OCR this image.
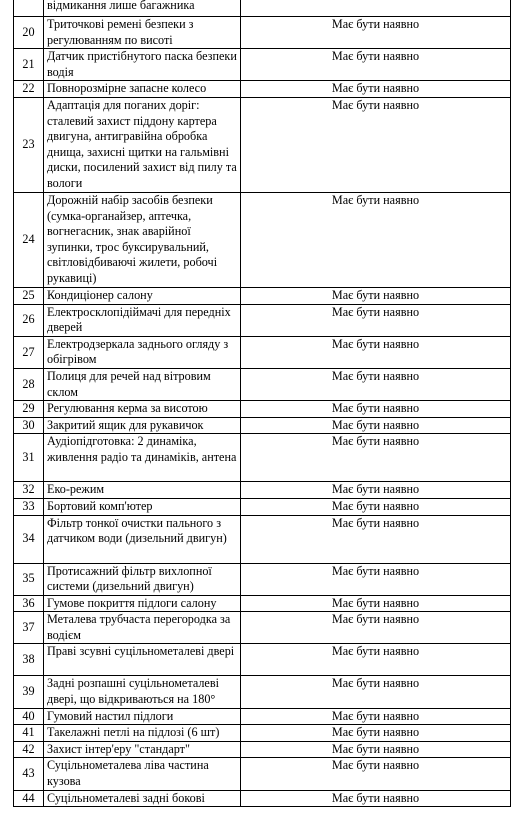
	відмикання лише багажника	
20	Триточкові ремені безпеки з регулюванням по висоті	Має бути наявно
21	Датчик пристібнутого паска безпеки водія	Має бути наявно
22	Повнорозмірне запасне колесо	Має бути наявно
23	Адаптація для поганих доріг: сталевий захист піддону картера двигуна, антигравійна обробка днища, захисні щитки на гальмівні диски, посилений захист від пилу та вологи	Має бути наявно
24	Дорожній набір засобів безпеки (сумка-органайзер, аптечка, вогнегасник, знак аварійної зупинки, трос буксирувальний, світловідбиваючі жилети, робочі рукавиці)	Має бути наявно
25	Кондиціонер салону	Має бути наявно
26	Електросклопідіймачі для передніх дверей	Має бути наявно
27	Електродзеркала заднього огляду з обігрівом	Має бути наявно
28	Полиця для речей над вітровим склом	Має бути наявно
29	Регулювання керма за висотою	Має бути наявно
30	Закритий ящик для рукавичок	Має бути наявно
31	Аудіопідготовка: 2 динаміка, живлення радіо та динаміків, антена	Має бути наявно
32	Еко-режим	Має бути наявно
33	Бортовий комп'ютер	Має бути наявно
34	Фільтр тонкої очистки пального з датчиком води (дизельний двигун)	Має бути наявно
35	Протисажний фільтр вихлопної системи (дизельний двигун)	Має бути наявно
36	Гумове покриття підлоги салону	Має бути наявно
37	Металева трубчаста перегородка за водієм	Має бути наявно
38	Праві зсувні суцільнометалеві двері	Має бути наявно
39	Задні розпашні суцільнометалеві двері, що відкриваються на 180°	Має бути наявно
40	Гумовий настил підлоги	Має бути наявно
41	Такелажні петлі на підлозі (6 шт)	Має бути наявно
42	Захист інтер'еру "стандарт"	Має бути наявно
43	Суцільнометалева ліва частина кузова	Має бути наявно
44	Суцільнометалеві задні бокові	Має бути наявно
